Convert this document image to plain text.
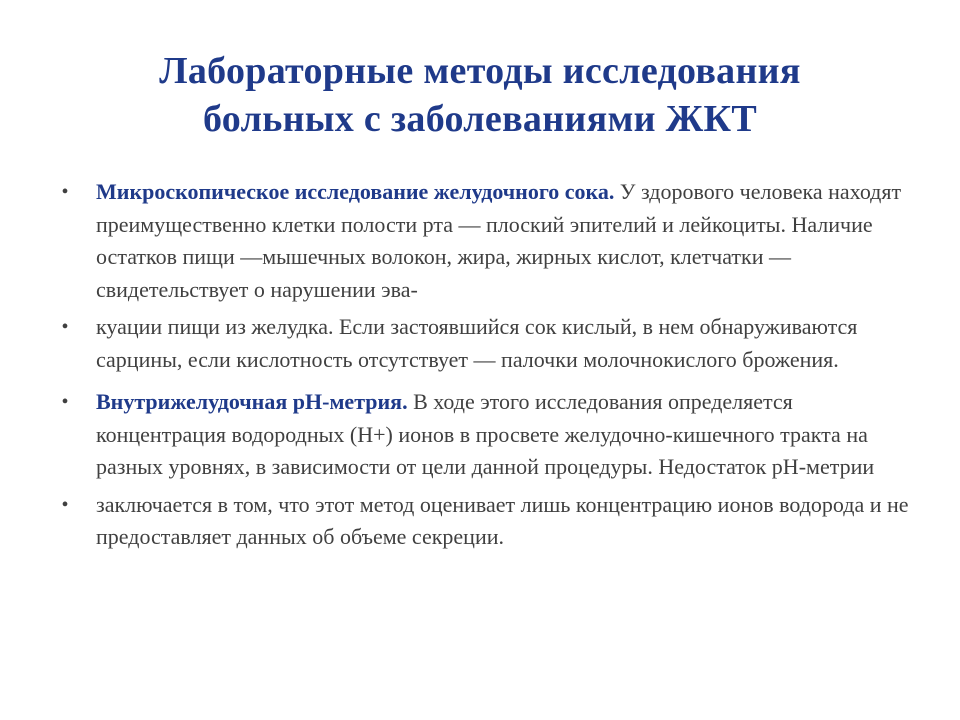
Лабораторные методы исследования
больных с заболеваниями ЖКТ
• Микроскопическое исследование желудочного сока. У здорового человека находят преимущественно клетки полости рта — плоский эпителий и лейкоциты. Наличие остатков пищи —мышечных волокон, жира, жирных кислот, клетчатки — свидетельствует о нарушении эва-
• куации пищи из желудка. Если застоявшийся сок кислый, в нем обнаруживаются сарцины, если кислотность отсутствует — палочки молочнокислого брожения.
• Внутрижелудочная рН-метрия. В ходе этого исследования определяется концентрация водородных (Н+) ионов в просвете желудочно-кишечного тракта на разных уровнях, в зависимости от цели данной процедуры. Недостаток рН-метрии
• заключается в том, что этот метод оценивает лишь концентрацию ионов водорода и не предоставляет данных об объеме секреции.
